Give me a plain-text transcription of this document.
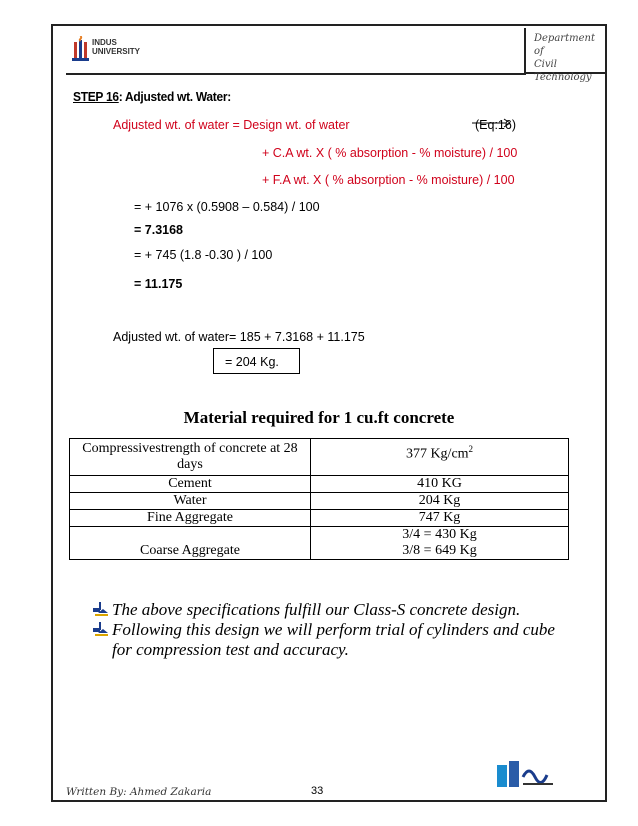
INDUS
UNIVERSITY
Department of
Civil
Technology
STEP 16: Adjusted wt. Water:
Adjusted wt. of water = Design wt. of water	(Eq:16)
+ C.A wt. X ( % absorption - % moisture) / 100
+ F.A wt. X ( % absorption - % moisture) / 100
= + 1076 x (0.5908 – 0.584) / 100
= 7.3168
= + 745 (1.8 -0.30 ) / 100
= 11.175
Adjusted wt. of water= 185 + 7.3168 + 11.175
= 204 Kg.
Material required for 1 cu.ft concrete
Compressivestrength of concrete at 28 days	377 $Kg/cm^2$
Cement	410 KG
Water	204 Kg
Fine Aggregate	747 Kg
Coarse Aggregate	3/4 = 430 Kg
3/8 = 649 Kg
The above specifications fulfill our Class-S concrete design.
Following this design we will perform trial of cylinders and cube
for compression test and accuracy.
Written By: Ahmed Zakaria	33
